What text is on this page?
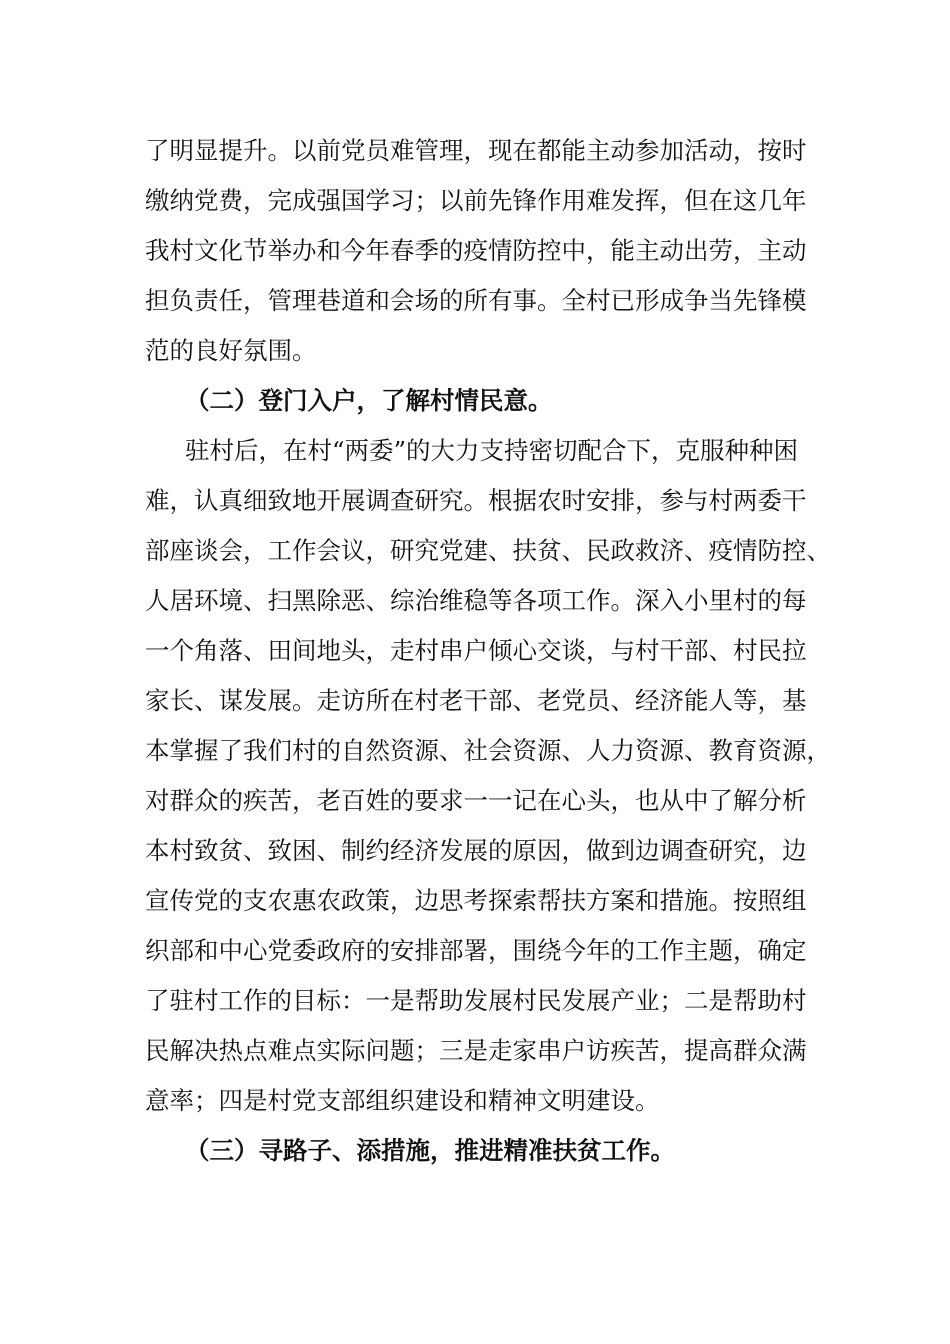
了明显提升。以前党员难管理，现在都能主动参加活动，按时
缴纳党费，完成强国学习；以前先锋作用难发挥，但在这几年
我村文化节举办和今年春季的疫情防控中，能主动出劳，主动
担负责任，管理巷道和会场的所有事。全村已形成争当先锋模
范的良好氛围。
（二）登门入户，了解村情民意。
驻村后，在村“两委”的大力支持密切配合下，克服种种困
难，认真细致地开展调查研究。根据农时安排，参与村两委干
部座谈会，工作会议，研究党建、扶贫、民政救济、疫情防控、
人居环境、扫黑除恶、综治维稳等各项工作。深入小里村的每
一个角落、田间地头，走村串户倾心交谈，与村干部、村民拉
家长、谋发展。走访所在村老干部、老党员、经济能人等，基
本掌握了我们村的自然资源、社会资源、人力资源、教育资源，
对群众的疾苦，老百姓的要求一一记在心头，也从中了解分析
本村致贫、致困、制约经济发展的原因，做到边调查研究，边
宣传党的支农惠农政策，边思考探索帮扶方案和措施。按照组
织部和中心党委政府的安排部署，围绕今年的工作主题，确定
了驻村工作的目标：一是帮助发展村民发展产业；二是帮助村
民解决热点难点实际问题；三是走家串户访疾苦，提高群众满
意率；四是村党支部组织建设和精神文明建设。
（三）寻路子、添措施，推进精准扶贫工作。
